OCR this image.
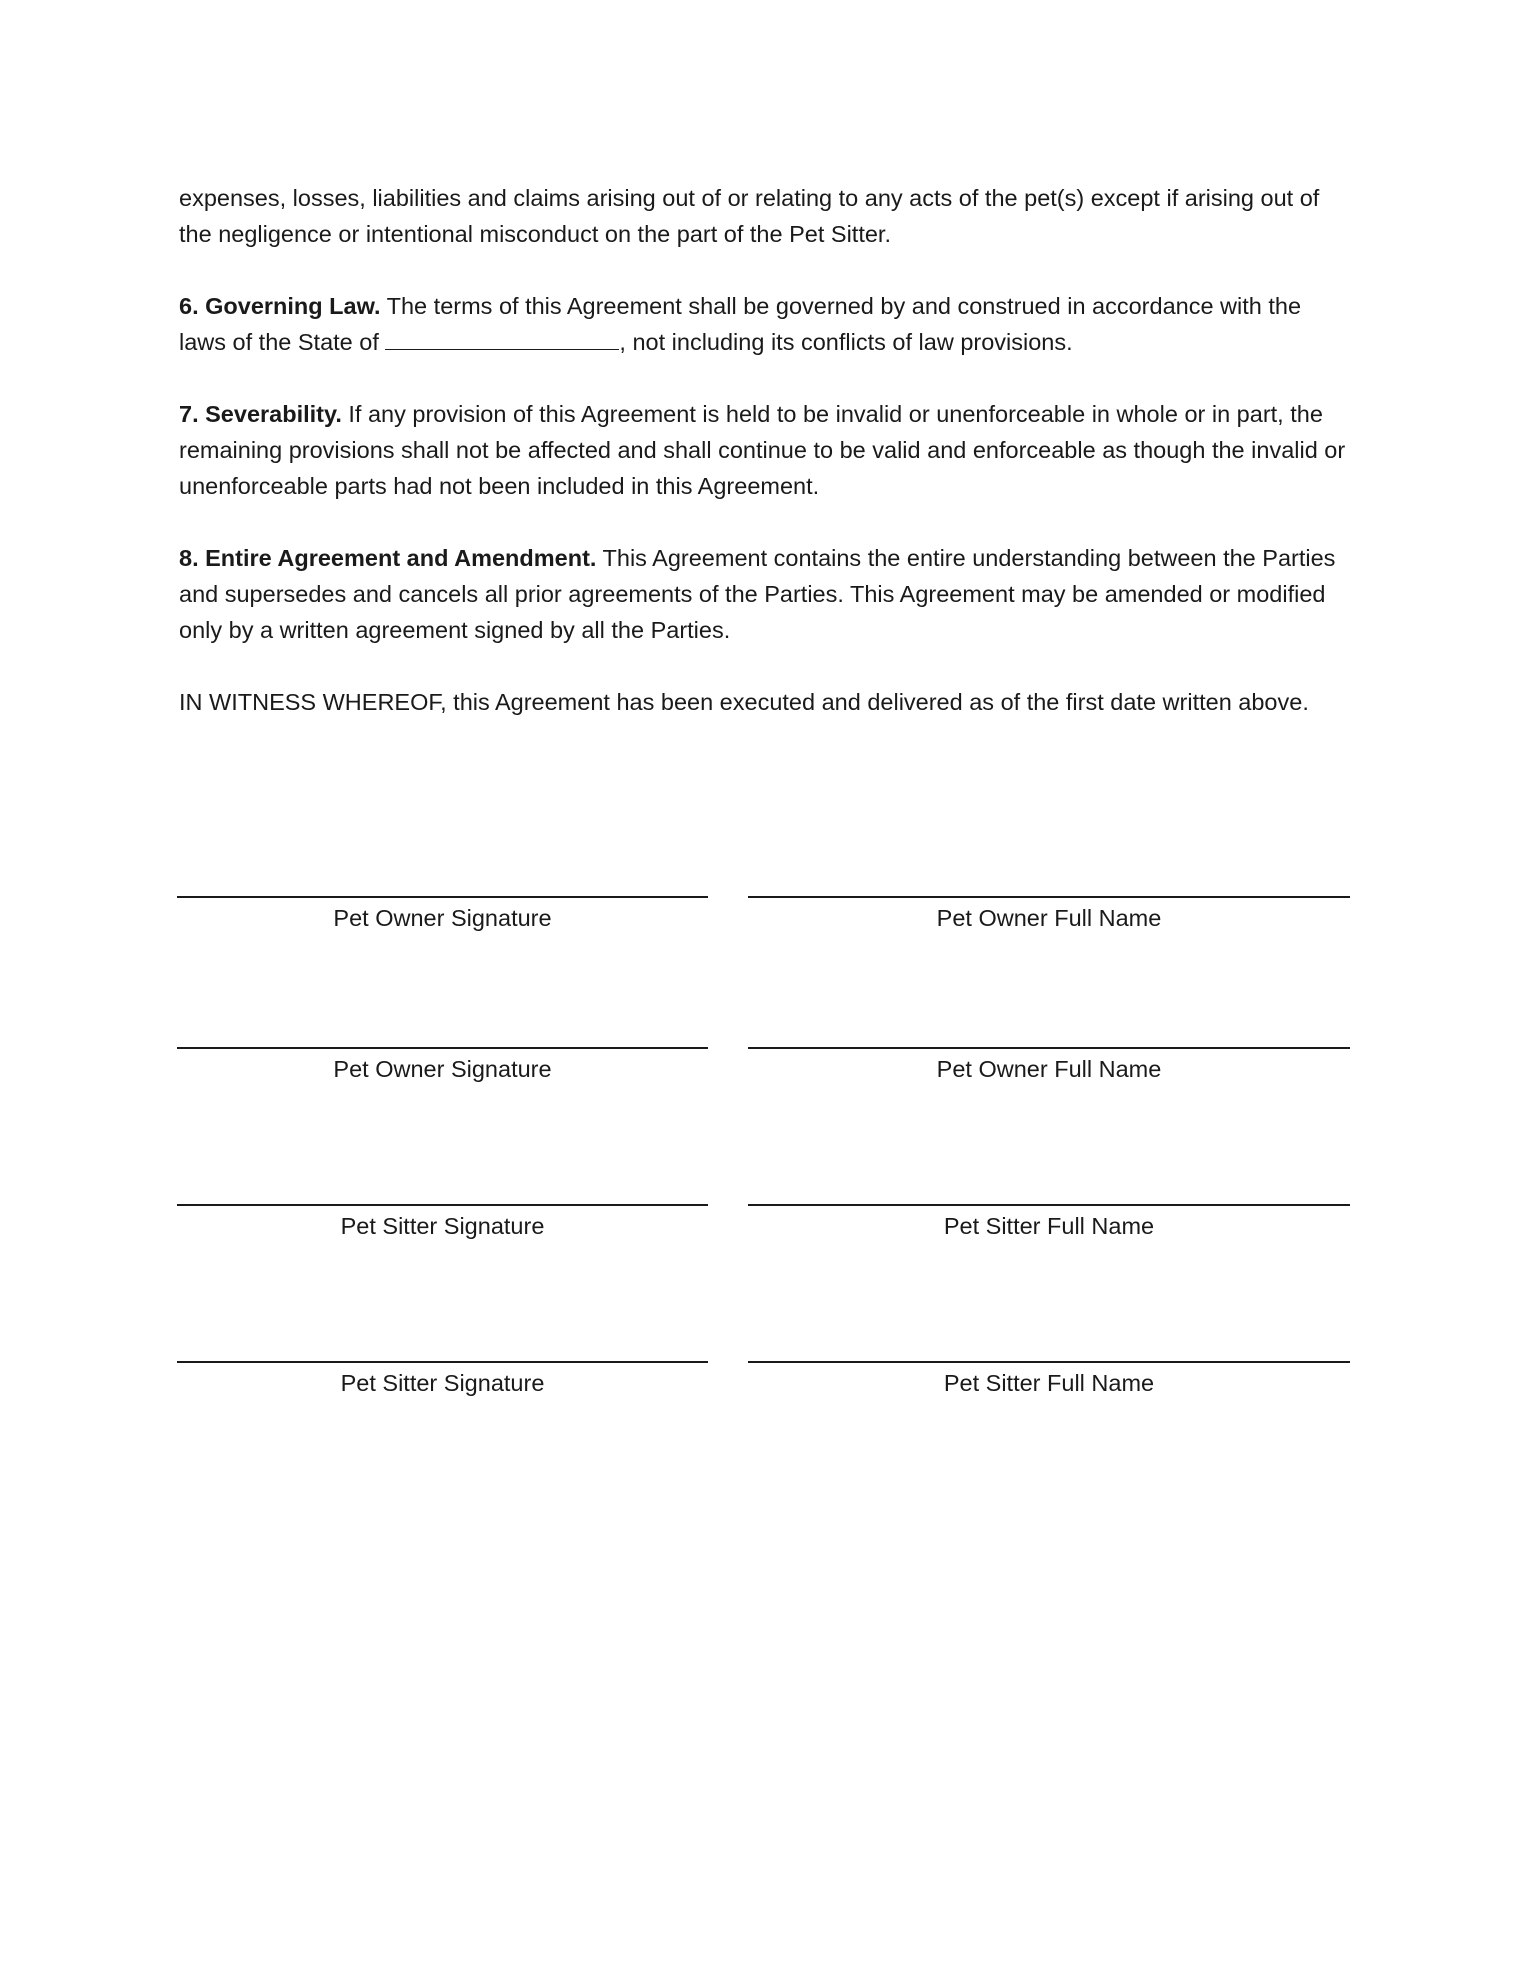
expenses, losses, liabilities and claims arising out of or relating to any acts of the pet(s) except if arising out of the negligence or intentional misconduct on the part of the Pet Sitter.

6. Governing Law. The terms of this Agreement shall be governed by and construed in accordance with the laws of the State of	, not including its conflicts of law provisions.

7. Severability. If any provision of this Agreement is held to be invalid or unenforceable in whole or in part, the remaining provisions shall not be affected and shall continue to be valid and enforceable as though the invalid or unenforceable parts had not been included in this Agreement.

8. Entire Agreement and Amendment. This Agreement contains the entire understanding between the Parties and supersedes and cancels all prior agreements of the Parties. This Agreement may be amended or modified only by a written agreement signed by all the Parties.

IN WITNESS WHEREOF, this Agreement has been executed and delivered as of the first date written above.

Pet Owner Signature	Pet Owner Full Name
Pet Owner Signature	Pet Owner Full Name
Pet Sitter Signature	Pet Sitter Full Name
Pet Sitter Signature	Pet Sitter Full Name
